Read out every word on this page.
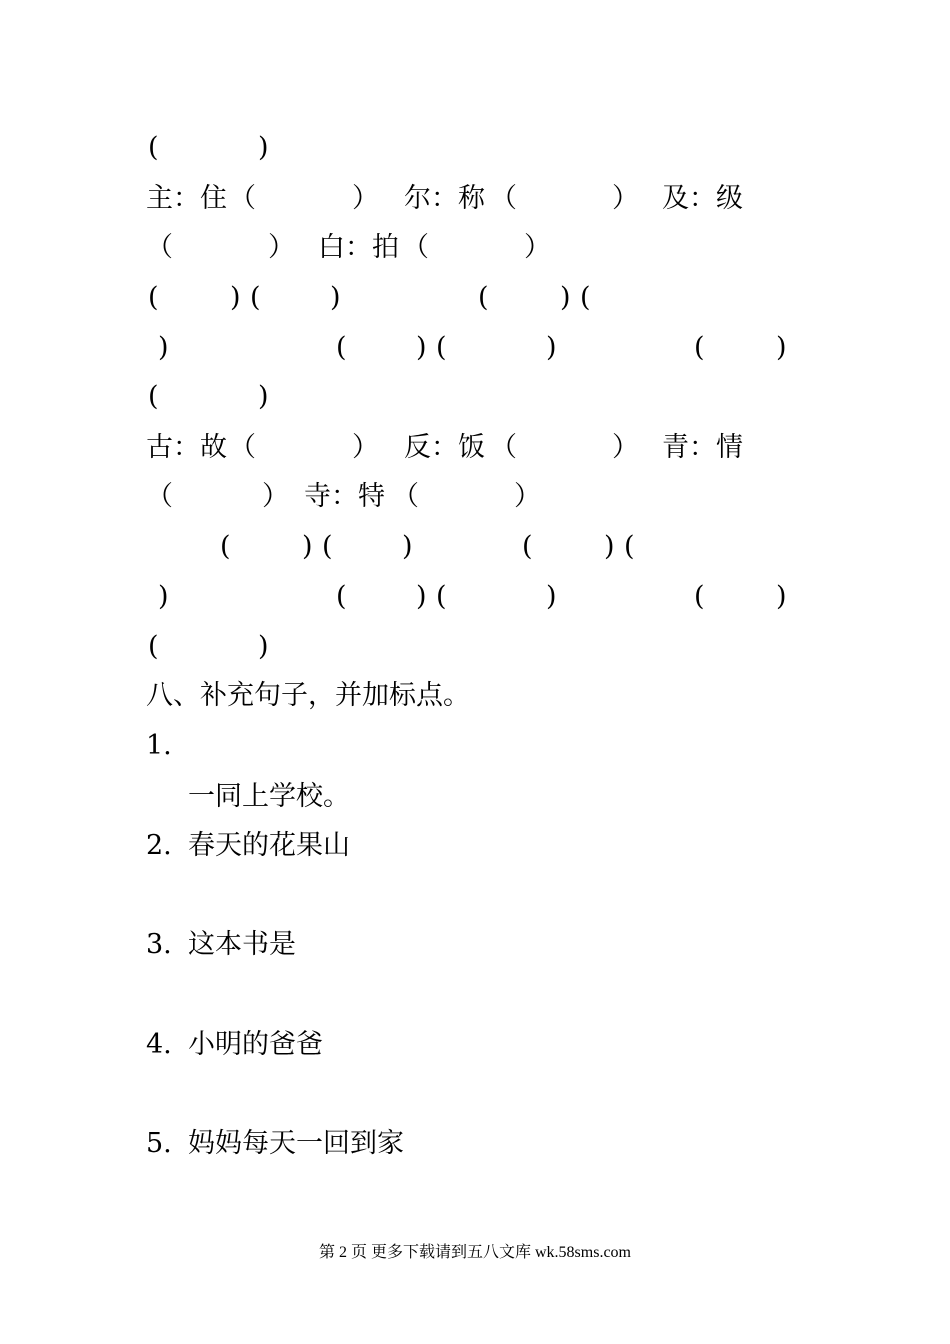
(	)
主：住 （	） 尔：称 （	） 及：级
（	） 白：拍 （	）
(	) (	)	(	) (
)	(	) (	)	(	)
(	)
古：故 （	） 反：饭 （	） 青：情
（	） 寺：特 （	）
(	) (	)	(	) (
)	(	) (	)	(	)
(	)
八、补充句子，并加标点。
1.
一同上学校。
2. 春天的花果山
3. 这本书是
4. 小明的爸爸
5. 妈妈每天一回到家
第 2 页 更多下载请到五八文库 wk.58sms.com
